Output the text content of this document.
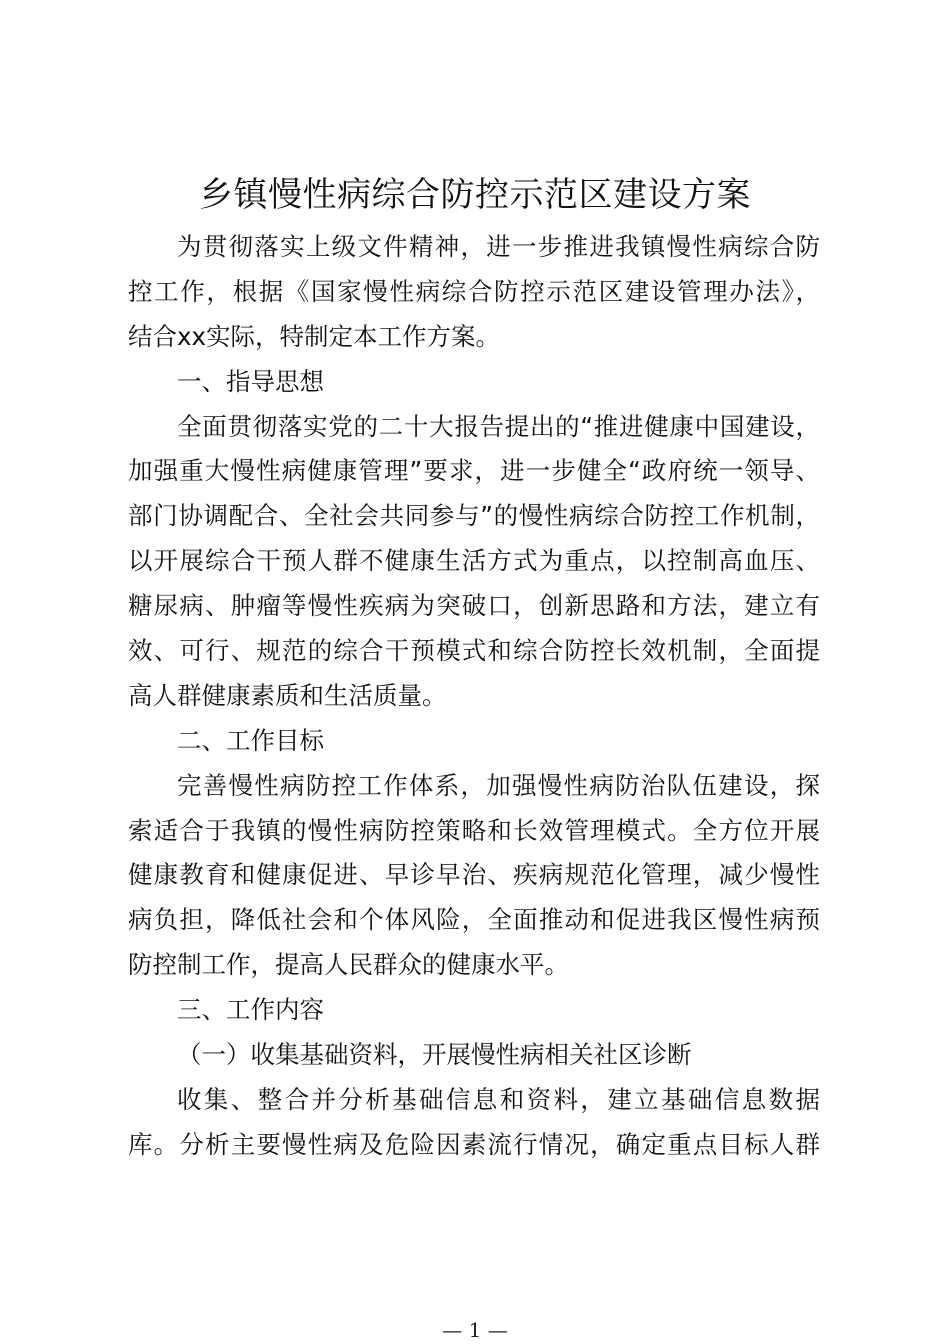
乡镇慢性病综合防控示范区建设方案
为贯彻落实上级文件精神，进一步推进我镇慢性病综合防
控工作，根据《国家慢性病综合防控示范区建设管理办法》，
结合xx实际，特制定本工作方案。
一、指导思想
全面贯彻落实党的二十大报告提出的“推进健康中国建设，
加强重大慢性病健康管理”要求，进一步健全“政府统一领导、
部门协调配合、全社会共同参与”的慢性病综合防控工作机制，
以开展综合干预人群不健康生活方式为重点，以控制高血压、
糖尿病、肿瘤等慢性疾病为突破口，创新思路和方法，建立有
效、可行、规范的综合干预模式和综合防控长效机制，全面提
高人群健康素质和生活质量。
二、工作目标
完善慢性病防控工作体系，加强慢性病防治队伍建设，探
索适合于我镇的慢性病防控策略和长效管理模式。全方位开展
健康教育和健康促进、早诊早治、疾病规范化管理，减少慢性
病负担，降低社会和个体风险，全面推动和促进我区慢性病预
防控制工作，提高人民群众的健康水平。
三、工作内容
（一）收集基础资料，开展慢性病相关社区诊断
收集、整合并分析基础信息和资料，建立基础信息数据
库。分析主要慢性病及危险因素流行情况，确定重点目标人群
— 1 —
